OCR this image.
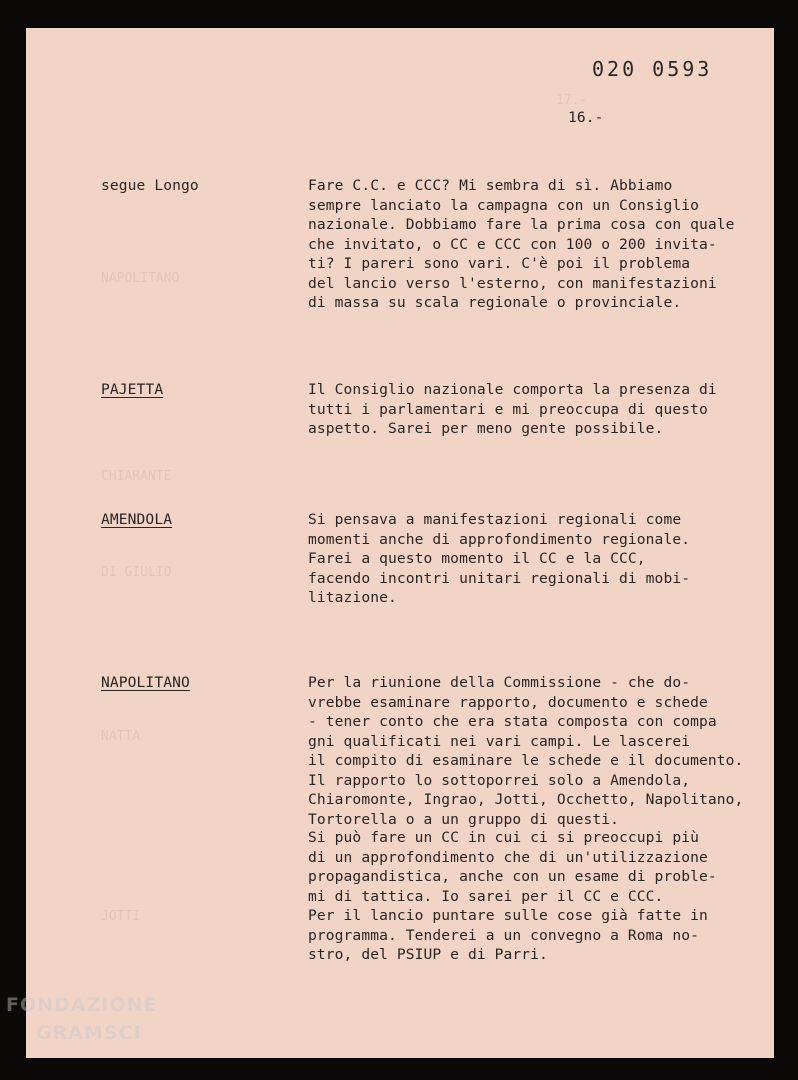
17.-
NAPOLITANO
CHIARANTE
DI GIULIO
NATTA
JOTTI
020 0593
16.-
segue Longo	Fare C.C. e CCC? Mi sembra di sì. Abbiamo
sempre lanciato la campagna con un Consiglio
nazionale. Dobbiamo fare la prima cosa con quale
che invitato, o CC e CCC con 100 o 200 invita-
ti? I pareri sono vari. C'è poi il problema
del lancio verso l'esterno, con manifestazioni
di massa su scala regionale o provinciale.
PAJETTA	Il Consiglio nazionale comporta la presenza di
tutti i parlamentari e mi preoccupa di questo
aspetto. Sarei per meno gente possibile.
AMENDOLA	Si pensava a manifestazioni regionali come
momenti anche di approfondimento regionale.
Farei a questo momento il CC e la CCC,
facendo incontri unitari regionali di mobi-
litazione.
NAPOLITANO	Per la riunione della Commissione - che do-
vrebbe esaminare rapporto, documento e schede
- tener conto che era stata composta con compa
gni qualificati nei vari campi. Le lascerei
il compito di esaminare le schede e il documento.
Il rapporto lo sottoporrei solo a Amendola,
Chiaromonte, Ingrao, Jotti, Occhetto, Napolitano,
Tortorella o a un gruppo di questi.
Si può fare un CC in cui ci si preoccupi più
di un approfondimento che di un'utilizzazione
propagandistica, anche con un esame di proble-
mi di tattica. Io sarei per il CC e CCC.
Per il lancio puntare sulle cose già fatte in
programma. Tenderei a un convegno a Roma no-
stro, del PSIUP e di Parri.
FONDAZIONE
GRAMSCI
